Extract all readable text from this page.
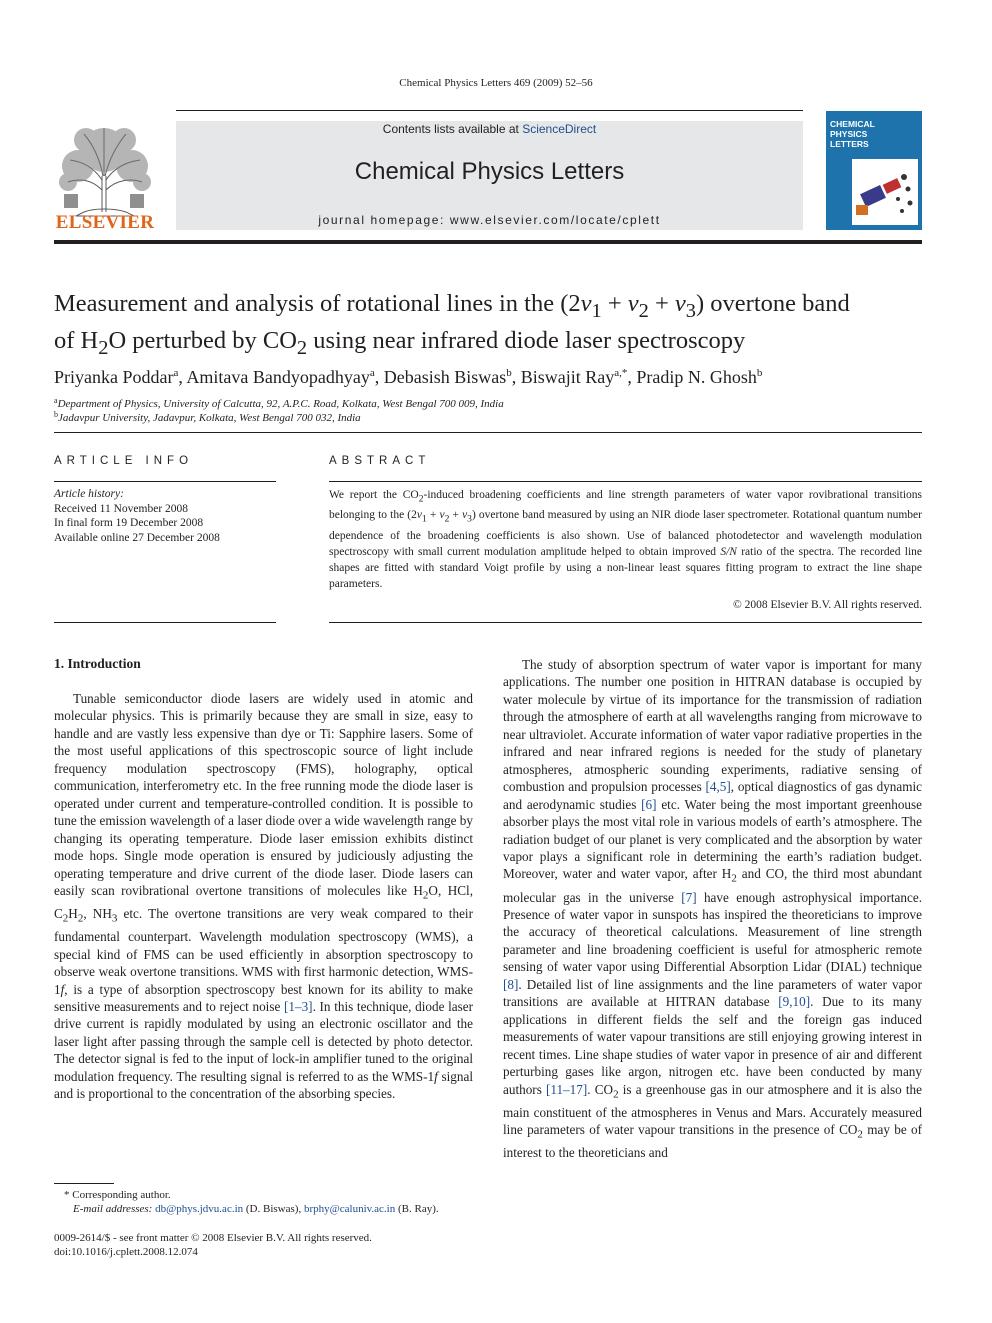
Chemical Physics Letters 469 (2009) 52–56
ELSEVIER
Contents lists available at ScienceDirect
Chemical Physics Letters
journal homepage: www.elsevier.com/locate/cplett
CHEMICAL
PHYSICS
LETTERS
Measurement and analysis of rotational lines in the $(2\nu_1 + \nu_2 + \nu_3)$ overtone band
of $H_2O$ perturbed by $CO_2$ using near infrared diode laser spectroscopy
Priyanka Poddar$^a$, Amitava Bandyopadhyay$^a$, Debasish Biswas$^b$, Biswajit Ray$^{a,*}$, Pradip N. Ghosh$^b$
$^a$Department of Physics, University of Calcutta, 92, A.P.C. Road, Kolkata, West Bengal 700 009, India
$^b$Jadavpur University, Jadavpur, Kolkata, West Bengal 700 032, India
ARTICLE INFO
Article history:
Received 11 November 2008
In final form 19 December 2008
Available online 27 December 2008
ABSTRACT
We report the $CO_2$-induced broadening coefficients and line strength parameters of water vapor rovibrational transitions belonging to the $(2\nu_1 + \nu_2 + \nu_3)$ overtone band measured by using an NIR diode laser spectrometer. Rotational quantum number dependence of the broadening coefficients is also shown. Use of balanced photodetector and wavelength modulation spectroscopy with small current modulation amplitude helped to obtain improved S/N ratio of the spectra. The recorded line shapes are fitted with standard Voigt profile by using a non-linear least squares fitting program to extract the line shape parameters.
© 2008 Elsevier B.V. All rights reserved.
1. Introduction

Tunable semiconductor diode lasers are widely used in atomic and molecular physics. This is primarily because they are small in size, easy to handle and are vastly less expensive than dye or Ti: Sapphire lasers. Some of the most useful applications of this spectroscopic source of light include frequency modulation spectroscopy (FMS), holography, optical communication, interferometry etc. In the free running mode the diode laser is operated under current and temperature-controlled condition. It is possible to tune the emission wavelength of a laser diode over a wide wavelength range by changing its operating temperature. Diode laser emission exhibits distinct mode hops. Single mode operation is ensured by judiciously adjusting the operating temperature and drive current of the diode laser. Diode lasers can easily scan rovibrational overtone transitions of molecules like $H_2O$, HCl, $C_2H_2$, $NH_3$ etc. The overtone transitions are very weak compared to their fundamental counterpart. Wavelength modulation spectroscopy (WMS), a special kind of FMS can be used efficiently in absorption spectroscopy to observe weak overtone transitions. WMS with first harmonic detection, WMS-1f, is a type of absorption spectroscopy best known for its ability to make sensitive measurements and to reject noise [1–3]. In this technique, diode laser drive current is rapidly modulated by using an electronic oscillator and the laser light after passing through the sample cell is detected by photo detector. The detector signal is fed to the input of lock-in amplifier tuned to the original modulation frequency. The resulting signal is referred to as the WMS-1f signal and is proportional to the concentration of the absorbing species.

The study of absorption spectrum of water vapor is important for many applications. The number one position in HITRAN database is occupied by water molecule by virtue of its importance for the transmission of radiation through the atmosphere of earth at all wavelengths ranging from microwave to near ultraviolet. Accurate information of water vapor radiative properties in the infrared and near infrared regions is needed for the study of planetary atmospheres, atmospheric sounding experiments, radiative sensing of combustion and propulsion processes [4,5], optical diagnostics of gas dynamic and aerodynamic studies [6] etc. Water being the most important greenhouse absorber plays the most vital role in various models of earth’s atmosphere. The radiation budget of our planet is very complicated and the absorption by water vapor plays a significant role in determining the earth’s radiation budget. Moreover, water and water vapor, after $H_2$ and CO, the third most abundant molecular gas in the universe [7] have enough astrophysical importance. Presence of water vapor in sunspots has inspired the theoreticians to improve the accuracy of theoretical calculations. Measurement of line strength parameter and line broadening coefficient is useful for atmospheric remote sensing of water vapor using Differential Absorption Lidar (DIAL) technique [8]. Detailed list of line assignments and the line parameters of water vapor transitions are available at HITRAN database [9,10]. Due to its many applications in different fields the self and the foreign gas induced measurements of water vapour transitions are still enjoying growing interest in recent times. Line shape studies of water vapor in presence of air and different perturbing gases like argon, nitrogen etc. have been conducted by many authors [11–17]. $CO_2$ is a greenhouse gas in our atmosphere and it is also the main constituent of the atmospheres in Venus and Mars. Accurately measured line parameters of water vapour transitions in the presence of $CO_2$ may be of interest to the theoreticians and

* Corresponding author.
E-mail addresses: db@phys.jdvu.ac.in (D. Biswas), brphy@caluniv.ac.in (B. Ray).
0009-2614/$ - see front matter © 2008 Elsevier B.V. All rights reserved.
doi:10.1016/j.cplett.2008.12.074
